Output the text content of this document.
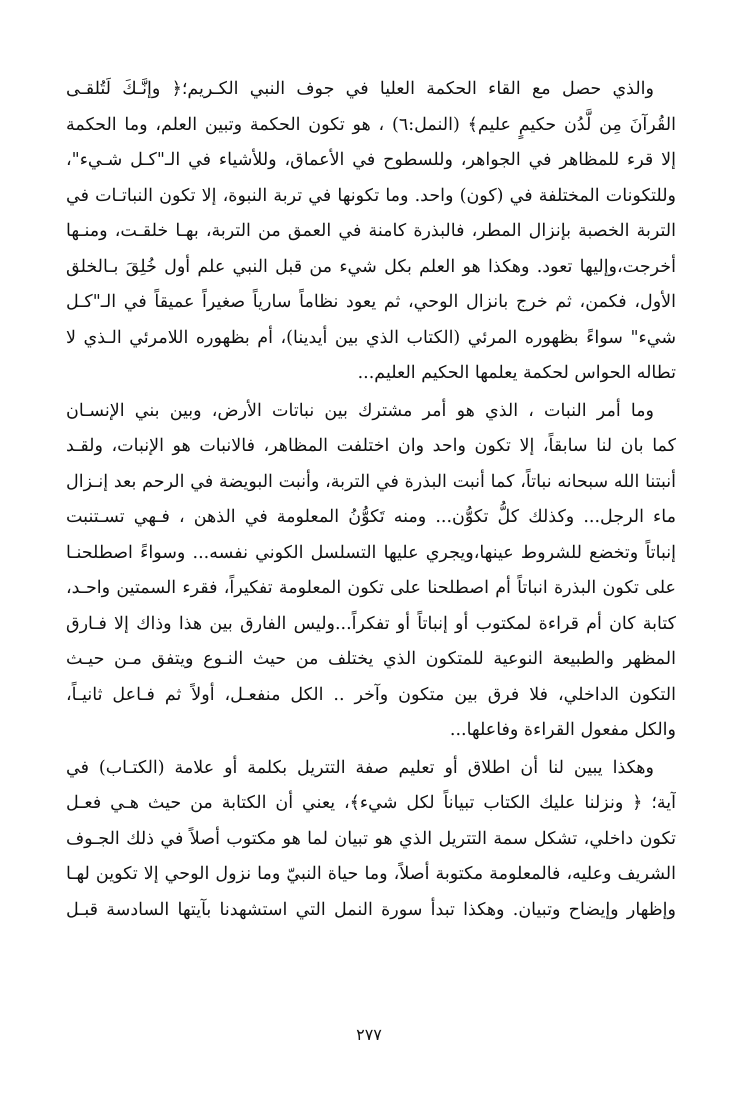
والذي حصل مع القاء الحكمة العليا في جوف النبي الكـريم؛﴿ وإنَّـكَ لَتُلقـى
القُرآنَ مِن لَّدُن حكيمٍ عليم﴾ (النمل:٦) ، هو تكون الحكمة وتبين العلم، وما الحكمة
إلا قرء للمظاهر في الجواهر، وللسطوح في الأعماق، وللأشياء في الـ"كـل شـيء"،
وللتكونات المختلفة في (كون) واحد. وما تكونها في تربة النبوة، إلا تكون النباتـات في
التربة الخصبة بإنزال المطر، فالبذرة كامنة في العمق من التربة، بهـا خلقـت، ومنـها
أخرجت،وإليها تعود. وهكذا هو العلم بكل شيء من قبل النبي علم أول خُلِقَ بـالخلق
الأول، فكمن، ثم خرج بانزال الوحي، ثم يعود نظاماً سارياً صغيراً عميقاً في الـ"كـل
شيء" سواءً بظهوره المرئي (الكتاب الذي بين أيدينا)، أم بظهوره اللامرئي الـذي لا
تطاله الحواس لحكمة يعلمها الحكيم العليم...
وما أمر النبات ، الذي هو أمر مشترك بين نباتات الأرض، وبين بني الإنسـان
كما بان لنا سابقاً، إلا تكون واحد وان اختلفت المظاهر، فالانبات هو الإنبات، ولقـد
أنبتنا الله سبحانه نباتاً، كما أنبت البذرة في التربة، وأنبت البويضة في الرحم بعد إنـزال
ماء الرجل... وكذلك كلُّ تكوُّن... ومنه تَكوُّنُ المعلومة في الذهن ، فـهي تسـتنبت
إنباتاً وتخضع للشروط عينها،ويجري عليها التسلسل الكوني نفسه... وسواءً اصطلحنـا
على تكون البذرة انباتاً أم اصطلحنا على تكون المعلومة تفكيراً، فقرء السمتين واحـد،
كتابة كان أم قراءة لمكتوب أو إنباتاً أو تفكراً...وليس الفارق بين هذا وذاك إلا فـارق
المظهر والطبيعة النوعية للمتكون الذي يختلف من حيث النـوع ويتفق مـن حيـث
التكون الداخلي، فلا فرق بين متكون وآخر .. الكل منفعـل، أولاً ثم فـاعل ثانيـاً،
والكل مفعول القراءة وفاعلها...
وهكذا يبين لنا أن اطلاق أو تعليم صفة التتريل بكلمة أو علامة (الكتـاب) في
آية؛ ﴿ ونزلنا عليك الكتاب تبياناً لكل شيء﴾، يعني أن الكتابة من حيث هـي فعـل
تكون داخلي، تشكل سمة التتريل الذي هو تبيان لما هو مكتوب أصلاً في ذلك الجـوف
الشريف وعليه، فالمعلومة مكتوبة أصلاً، وما حياة النبيّ وما نزول الوحي إلا تكوين لهـا
وإظهار وإيضاح وتبيان. وهكذا تبدأ سورة النمل التي استشهدنا بآيتها السادسة قبـل
٢٧٧
